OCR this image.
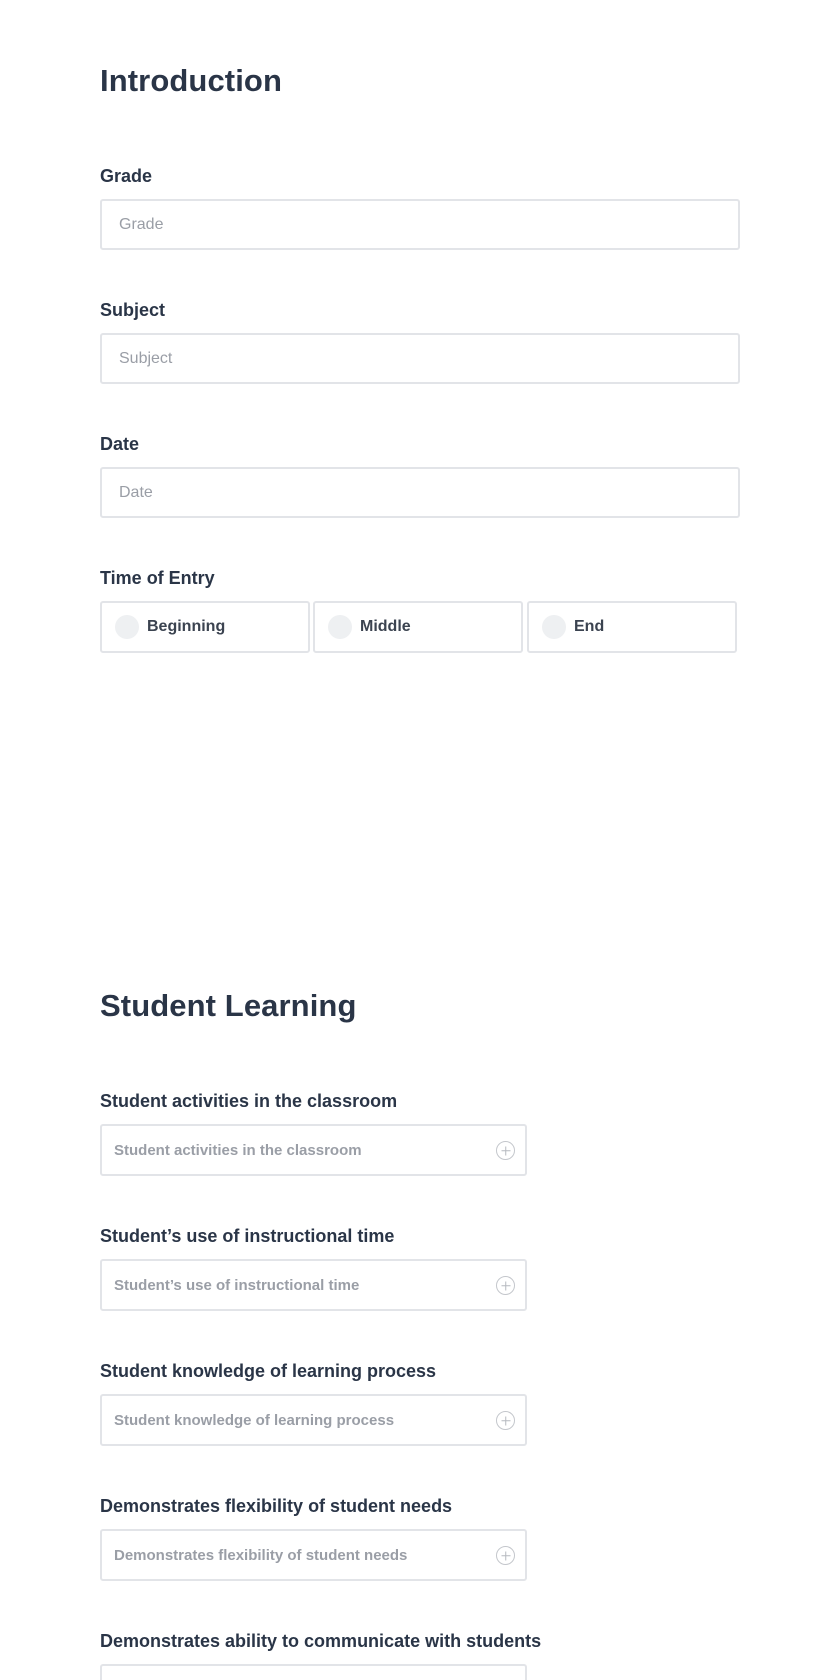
Introduction
Grade
Grade
Subject
Subject
Date
Date
Time of Entry
Beginning	Middle	End
Student Learning
Student activities in the classroom
Student activities in the classroom
Student’s use of instructional time
Student’s use of instructional time
Student knowledge of learning process
Student knowledge of learning process
Demonstrates flexibility of student needs
Demonstrates flexibility of student needs
Demonstrates ability to communicate with students
